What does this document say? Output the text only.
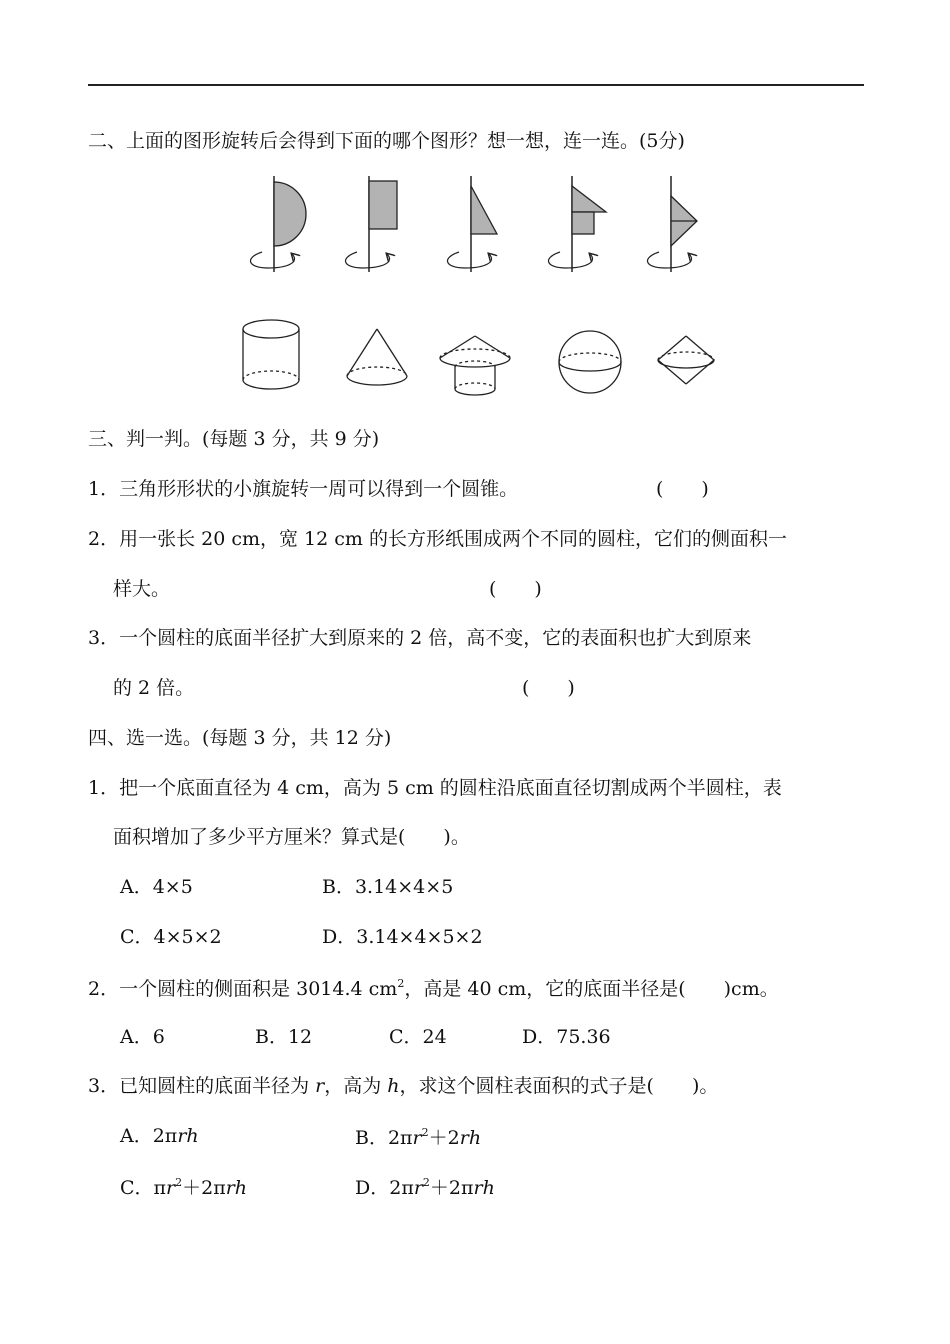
二、上面的图形旋转后会得到下面的哪个图形？想一想，连一连。(5分)
三、判一判。(每题 3 分，共 9 分)
1．三角形形状的小旗旋转一周可以得到一个圆锥。	(　　)
2．用一张长 20 cm，宽 12 cm 的长方形纸围成两个不同的圆柱，它们的侧面积一
样大。	(　　)
3．一个圆柱的底面半径扩大到原来的 2 倍，高不变，它的表面积也扩大到原来
的 2 倍。	(　　)
四、选一选。(每题 3 分，共 12 分)
1．把一个底面直径为 4 cm，高为 5 cm 的圆柱沿底面直径切割成两个半圆柱，表
面积增加了多少平方厘米？算式是(　　)。
A．4×5	B．3.14×4×5
C．4×5×2	D．3.14×4×5×2
2．一个圆柱的侧面积是 3014.4 $cm^2$，高是 40 cm，它的底面半径是(　　)cm。
A．6	B．12	C．24	D．75.36
3．已知圆柱的底面半径为 r，高为 h，求这个圆柱表面积的式子是(　　)。
A．2πrh	B．$2\pi r^2+2rh$
C．$\pi r^2+2\pi rh$	D．$2\pi r^2+2\pi rh$
